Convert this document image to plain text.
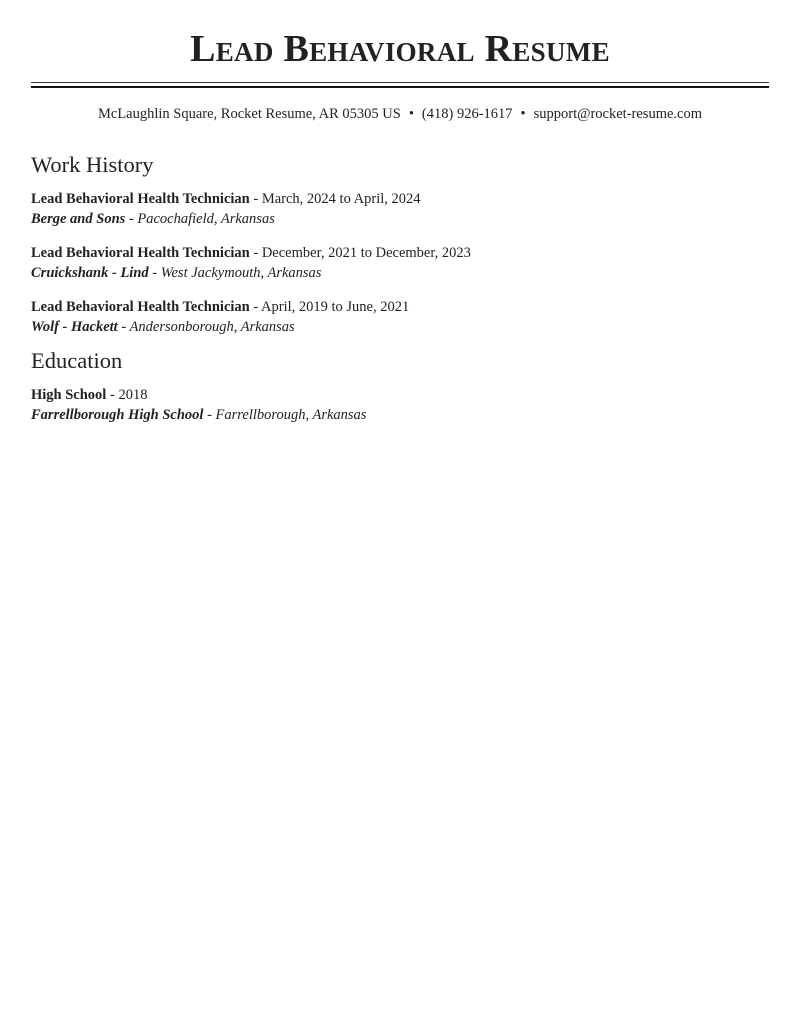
Lead Behavioral Resume
McLaughlin Square, Rocket Resume, AR 05305 US • (418) 926-1617 • support@rocket-resume.com
Work History
Lead Behavioral Health Technician - March, 2024 to April, 2024
Berge and Sons - Pacochafield, Arkansas
Lead Behavioral Health Technician - December, 2021 to December, 2023
Cruickshank - Lind - West Jackymouth, Arkansas
Lead Behavioral Health Technician - April, 2019 to June, 2021
Wolf - Hackett - Andersonborough, Arkansas
Education
High School - 2018
Farrellborough High School - Farrellborough, Arkansas
